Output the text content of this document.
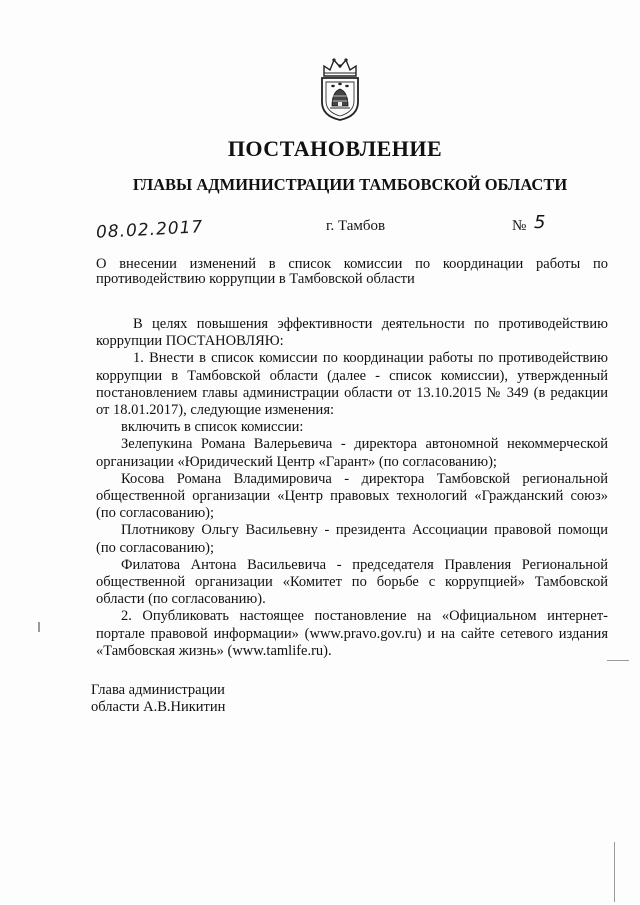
ПОСТАНОВЛЕНИЕ
ГЛАВЫ АДМИНИСТРАЦИИ ТАМБОВСКОЙ ОБЛАСТИ
08.02.2017	г. Тамбов	№ 5
О внесении изменений в список комиссии по координации работы по противодействию коррупции в Тамбовской области

В целях повышения эффективности деятельности по противодействию коррупции ПОСТАНОВЛЯЮ:

1. Внести в список комиссии по координации работы по противодействию коррупции в Тамбовской области (далее - список комиссии), утвержденный постановлением главы администрации области от 13.10.2015 № 349 (в редакции от 18.01.2017), следующие изменения:

включить в список комиссии:

Зелепукина Романа Валерьевича - директора автономной некоммерческой организации «Юридический Центр «Гарант» (по согласованию);

Косова Романа Владимировича - директора Тамбовской региональной общественной организации «Центр правовых технологий «Гражданский союз» (по согласованию);

Плотникову Ольгу Васильевну - президента Ассоциации правовой помощи (по согласованию);

Филатова Антона Васильевича - председателя Правления Региональной общественной организации «Комитет по борьбе с коррупцией» Тамбовской области (по согласованию).

2. Опубликовать настоящее постановление на «Официальном интернет-портале правовой информации» (www.pravo.gov.ru) и на сайте сетевого издания «Тамбовская жизнь» (www.tamlife.ru).

Глава администрации
области А.В.Никитин
